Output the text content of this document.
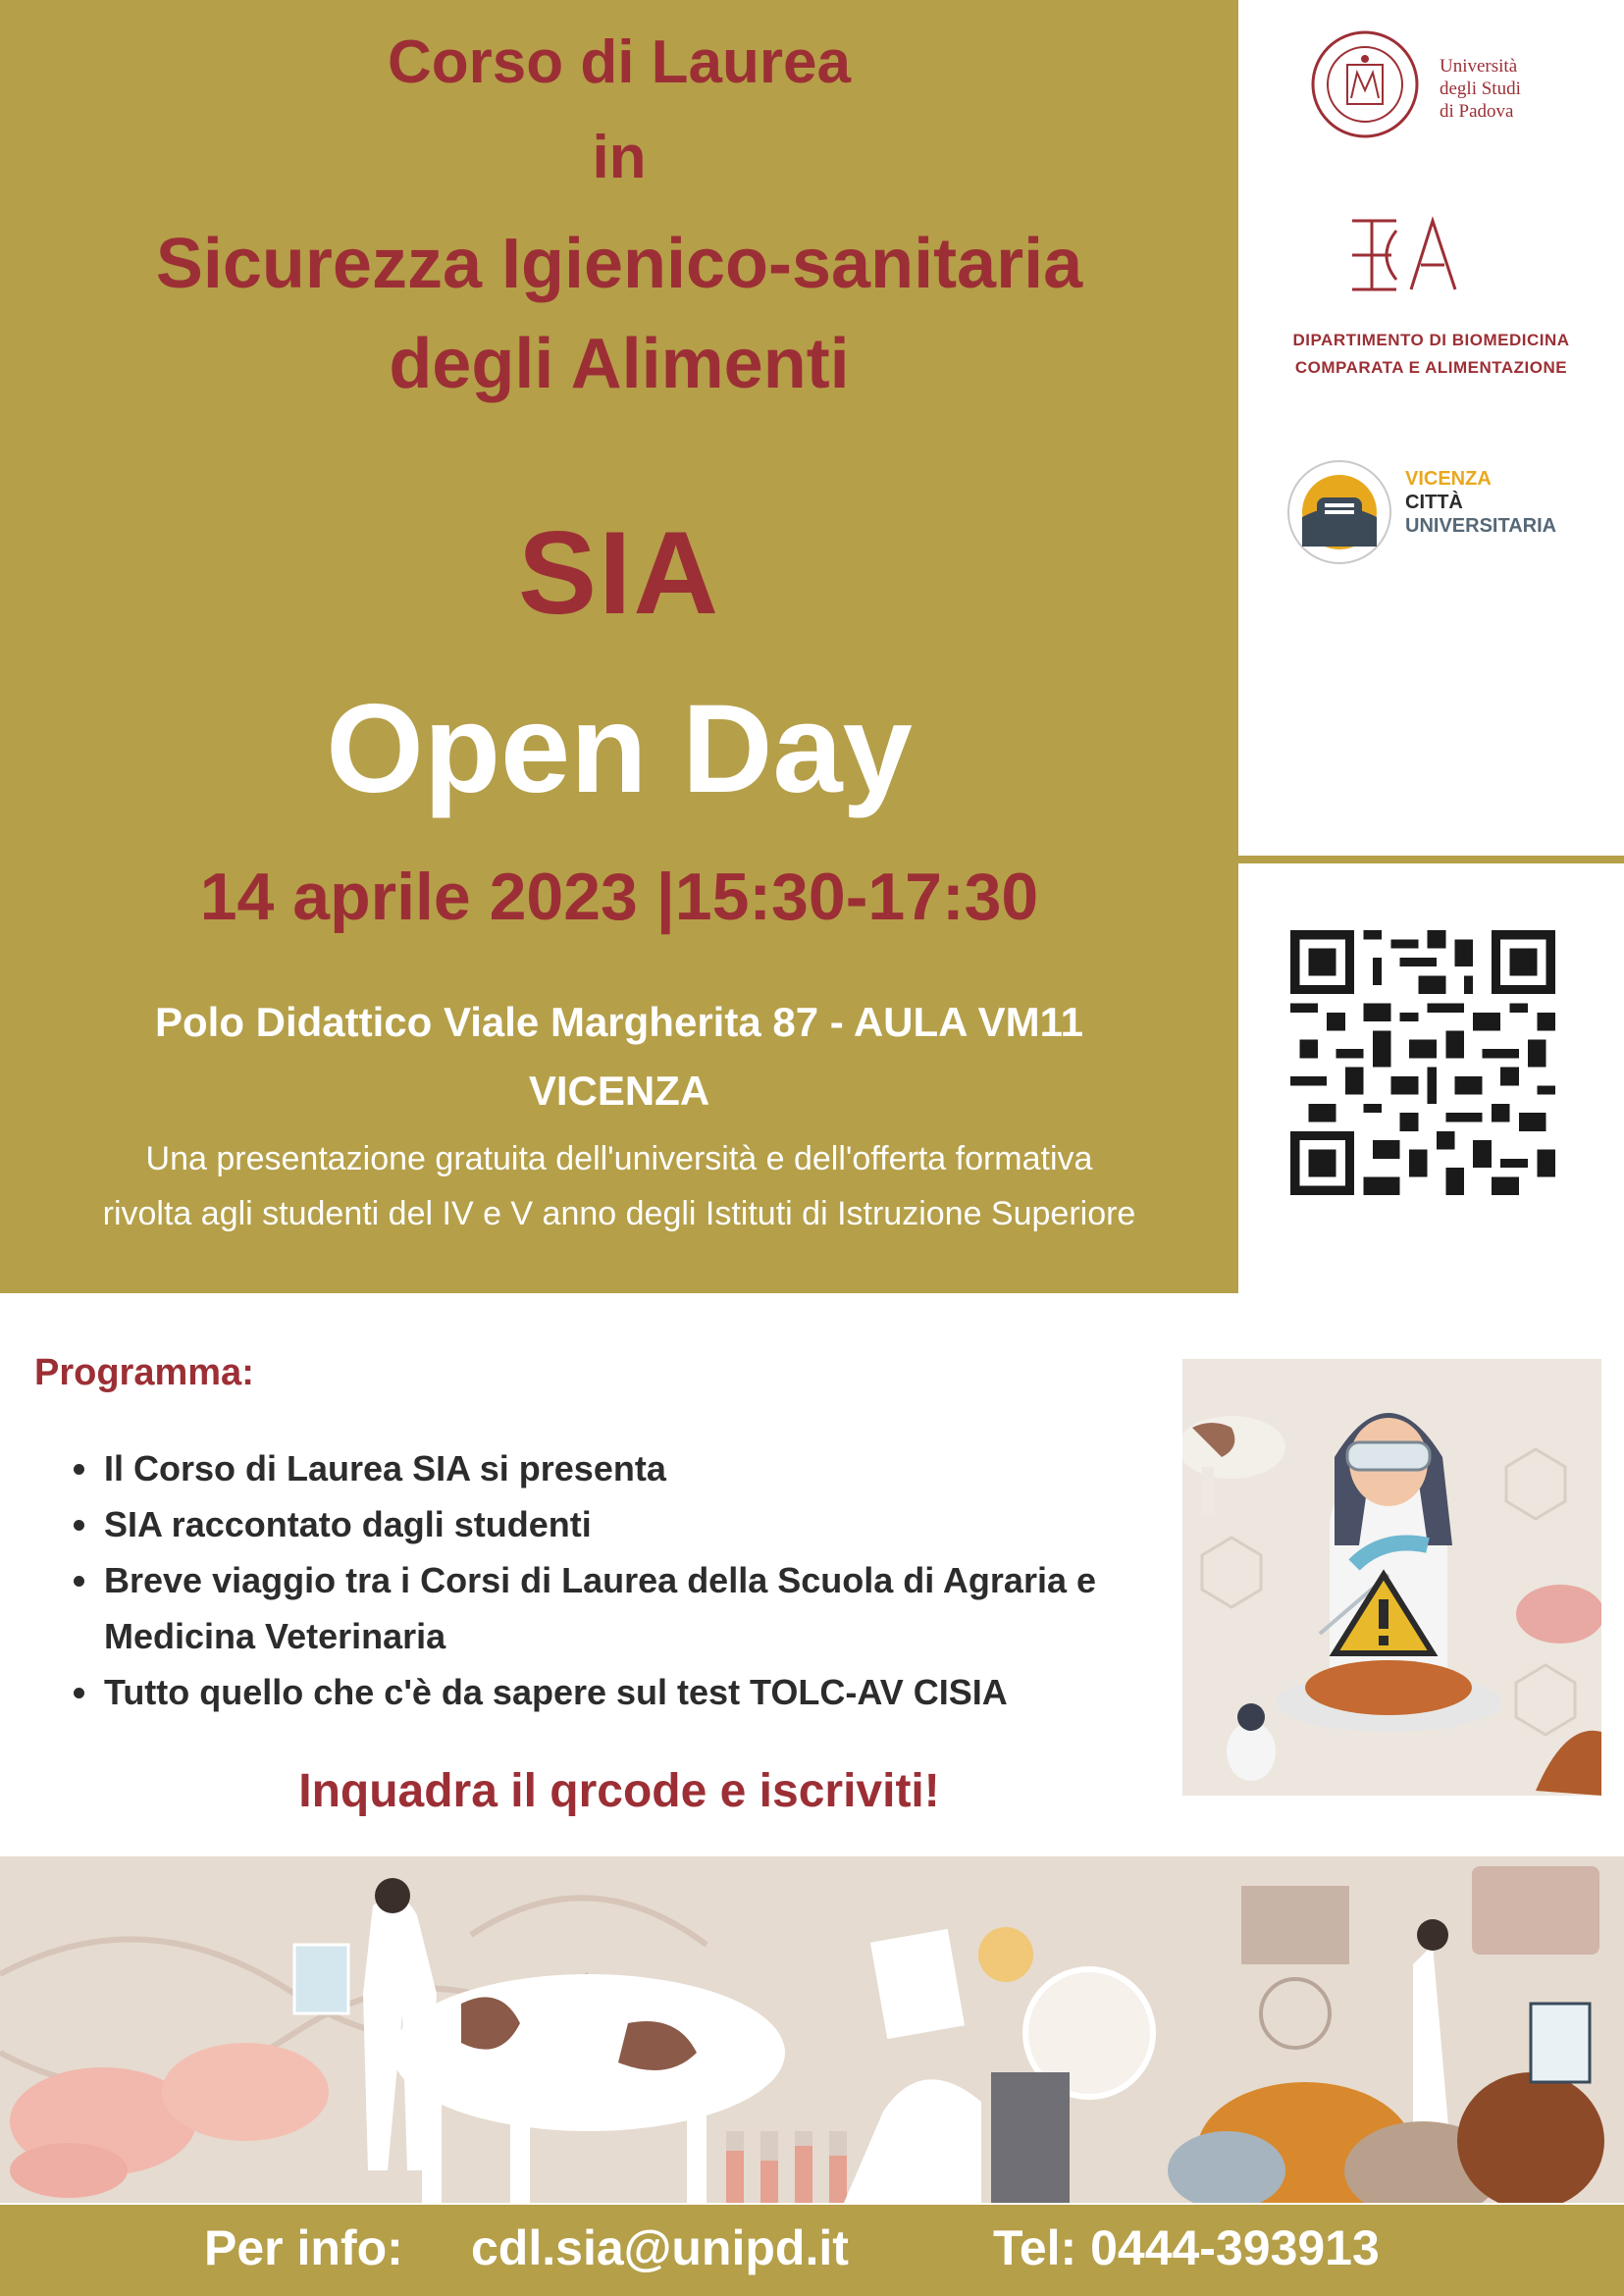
Corso di Laurea
in
Sicurezza Igienico-sanitaria
degli Alimenti
SIA
Open Day
14 aprile 2023 |15:30-17:30
Polo Didattico Viale Margherita 87 - AULA VM11
VICENZA
Una presentazione gratuita dell'università e dell'offerta formativa
rivolta agli studenti del IV e V anno degli Istituti di Istruzione Superiore
Università
degli Studi
di Padova
DIPARTIMENTO DI BIOMEDICINA
COMPARATA E ALIMENTAZIONE
VICENZA
CITTÀ
UNIVERSITARIA
Programma:
• Il Corso di Laurea SIA si presenta
• SIA raccontato dagli studenti
• Breve viaggio tra i Corsi di Laurea della Scuola di Agraria e Medicina Veterinaria
• Tutto quello che c'è da sapere sul test TOLC-AV CISIA
Inquadra il qrcode e iscriviti!
Per info: cdl.sia@unipd.it	Tel: 0444-393913
